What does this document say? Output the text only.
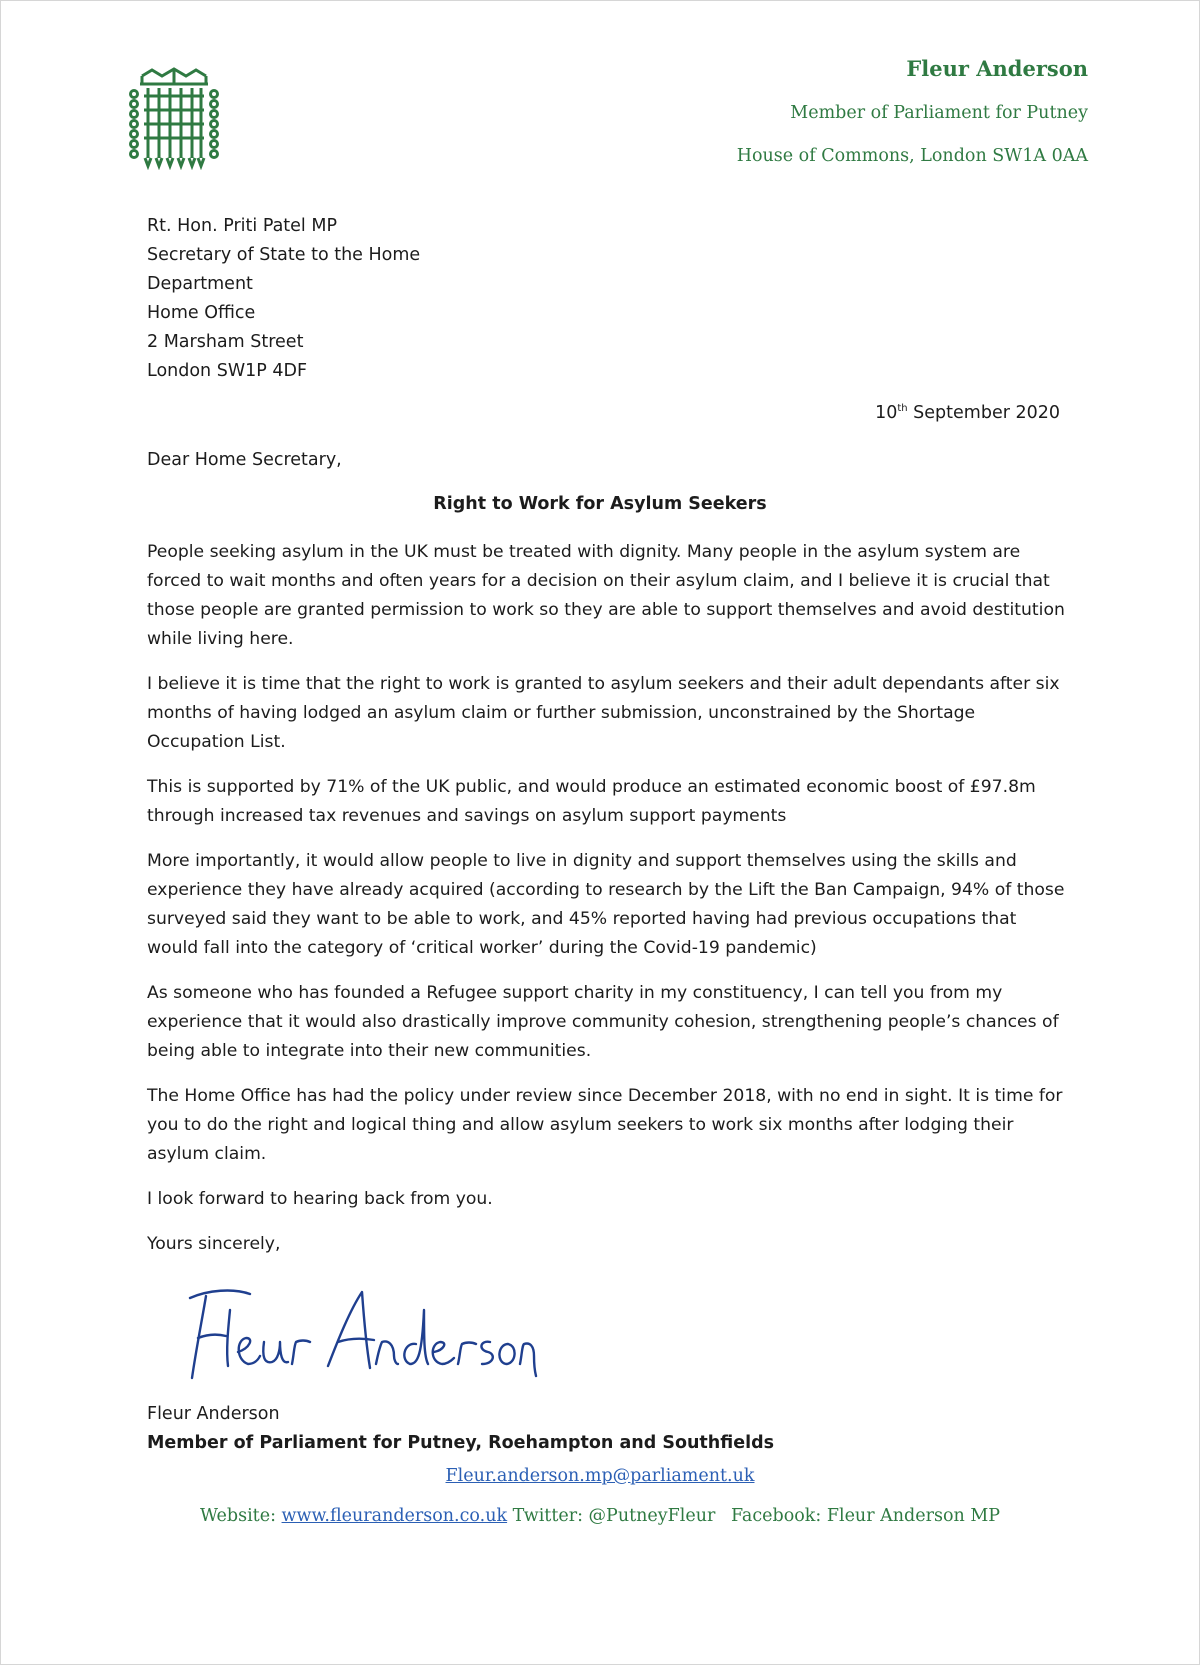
Fleur Anderson
Member of Parliament for Putney
House of Commons, London SW1A 0AA
Rt. Hon. Priti Patel MP
Secretary of State to the Home
Department
Home Office
2 Marsham Street
London SW1P 4DF
10th September 2020
Dear Home Secretary,
Right to Work for Asylum Seekers

People seeking asylum in the UK must be treated with dignity. Many people in the asylum system are forced to wait months and often years for a decision on their asylum claim, and I believe it is crucial that those people are granted permission to work so they are able to support themselves and avoid destitution while living here.

I believe it is time that the right to work is granted to asylum seekers and their adult dependants after six months of having lodged an asylum claim or further submission, unconstrained by the Shortage Occupation List.

This is supported by 71% of the UK public, and would produce an estimated economic boost of £97.8m through increased tax revenues and savings on asylum support payments

More importantly, it would allow people to live in dignity and support themselves using the skills and experience they have already acquired (according to research by the Lift the Ban Campaign, 94% of those surveyed said they want to be able to work, and 45% reported having had previous occupations that would fall into the category of ‘critical worker’ during the Covid-19 pandemic)

As someone who has founded a Refugee support charity in my constituency, I can tell you from my experience that it would also drastically improve community cohesion, strengthening people’s chances of being able to integrate into their new communities.

The Home Office has had the policy under review since December 2018, with no end in sight. It is time for you to do the right and logical thing and allow asylum seekers to work six months after lodging their asylum claim.

I look forward to hearing back from you.

Yours sincerely,

Fleur Anderson
Member of Parliament for Putney, Roehampton and Southfields
Fleur.anderson.mp@parliament.uk
Website: www.fleuranderson.co.uk Twitter: @PutneyFleur Facebook: Fleur Anderson MP
